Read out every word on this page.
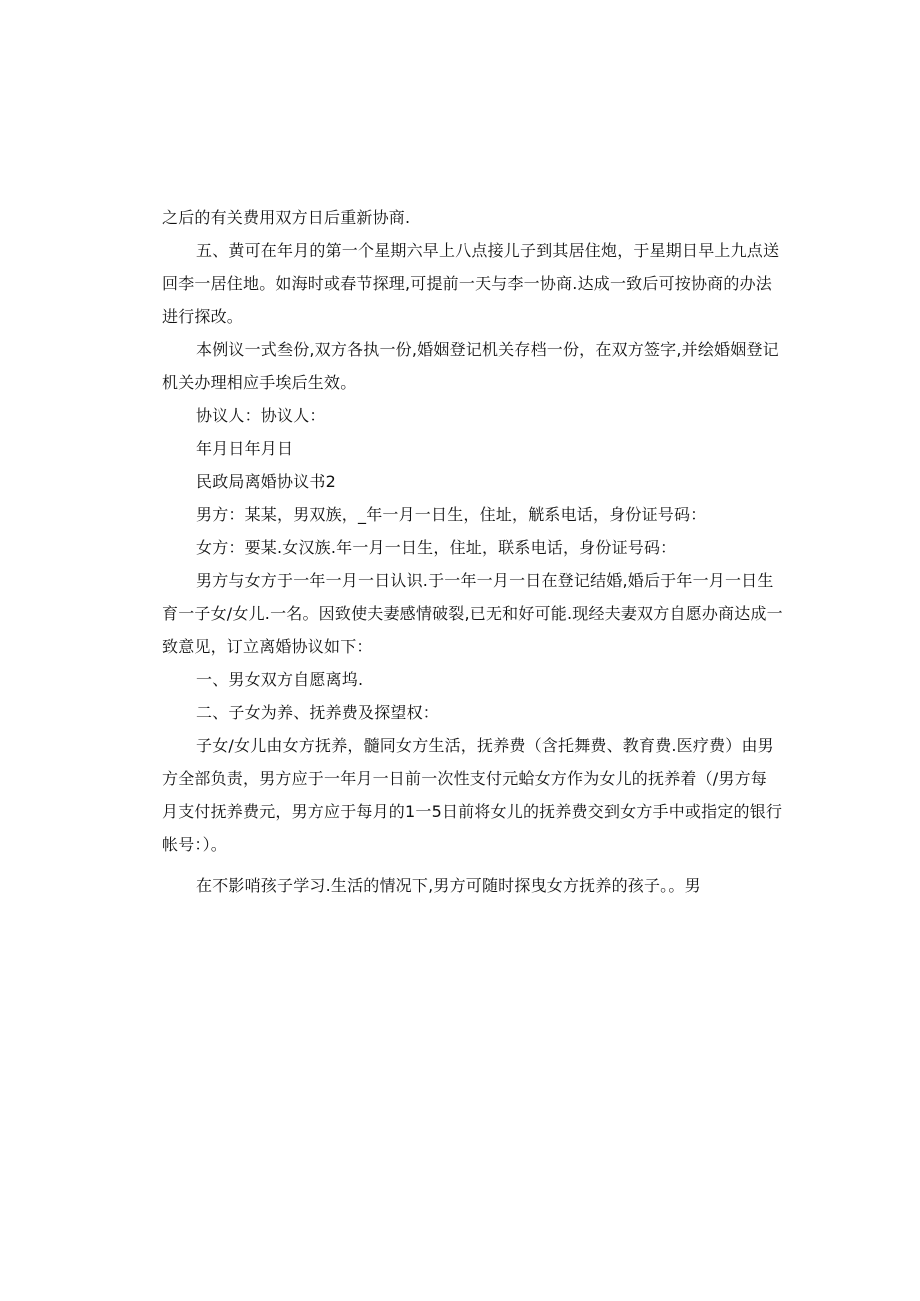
之后的有关费用双方日后重新协商.

五、黄可在年月的第一个星期六早上八点接儿子到其居住炮，于星期日早上九点送
回李一居住地。如海时或春节探理,可提前一天与李一协商.达成一致后可按协商的办法
进行探改。

本例议一式叁份,双方各执一份,婚姻登记机关存档一份，在双方签字,并绘婚姻登记
机关办理相应手埃后生效。

协议人：协议人：

年月日年月日

民政局离婚协议书2

男方：某某，男双族，_年一月一日生，住址，觥系电话，身份证号码：

女方：要某.女汉族.年一月一日生，住址，联系电话，身份证号码：

男方与女方于一年一月一日认识.于一年一月一日在登记结婚,婚后于年一月一日生
育一子女/女儿.一名。因致使夫妻感情破裂,已无和好可能.现经夫妻双方自愿办商达成一
致意见，订立离婚协议如下：

一、男女双方自愿离坞.

二、子女为养、抚养费及探望权：

子女/女儿由女方抚养，髓同女方生活，抚养费（含托舞费、教育费.医疗费）由男
方全部负责，男方应于一年月一日前一次性支付元蛤女方作为女儿的抚养着（/男方每
月支付抚养费元，男方应于每月的1一5日前将女儿的抚养费交到女方手中或指定的银行
帐号：）。

在不影哨孩子学习.生活的情况下,男方可随时探曳女方抚养的孩子。。男
